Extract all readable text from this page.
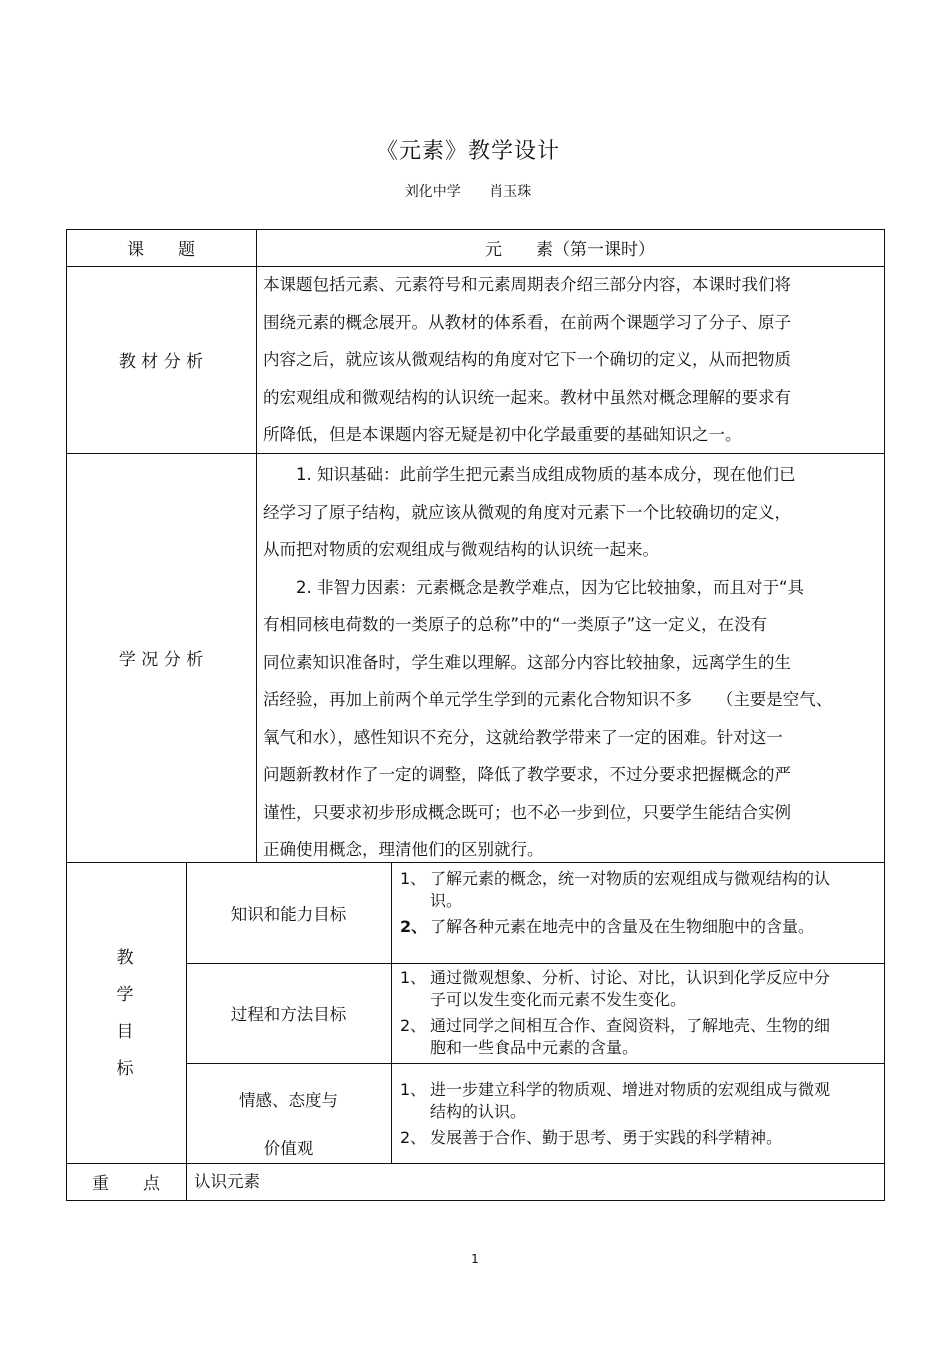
《元素》教学设计
刘化中学 肖玉珠
课　　题	元　　素（第一课时）
教 材 分 析
本课题包括元素、元素符号和元素周期表介绍三部分内容，本课时我们将
围绕元素的概念展开。从教材的体系看，在前两个课题学习了分子、原子
内容之后，就应该从微观结构的角度对它下一个确切的定义，从而把物质
的宏观组成和微观结构的认识统一起来。教材中虽然对概念理解的要求有
所降低，但是本课题内容无疑是初中化学最重要的基础知识之一。
学 况 分 析
　　1. 知识基础：此前学生把元素当成组成物质的基本成分，现在他们已
经学习了原子结构，就应该从微观的角度对元素下一个比较确切的定义，
从而把对物质的宏观组成与微观结构的认识统一起来。
　　2. 非智力因素：元素概念是教学难点，因为它比较抽象，而且对于“具
有相同核电荷数的一类原子的总称”中的“一类原子”这一定义，在没有
同位素知识准备时，学生难以理解。这部分内容比较抽象，远离学生的生
活经验，再加上前两个单元学生学到的元素化合物知识不多　　（主要是空气、
氧气和水），感性知识不充分，这就给教学带来了一定的困难。针对这一
问题新教材作了一定的调整，降低了教学要求，不过分要求把握概念的严
谨性，只要求初步形成概念既可；也不必一步到位，只要学生能结合实例
正确使用概念，理清他们的区别就行。
教
学
目
标
知识和能力目标
1、 了解元素的概念，统一对物质的宏观组成与微观结构的认识。
2、 了解各种元素在地壳中的含量及在生物细胞中的含量。
过程和方法目标
1、 通过微观想象、分析、讨论、对比，认识到化学反应中分子可以发生变化而元素不发生变化。
2、 通过同学之间相互合作、查阅资料，了解地壳、生物的细胞和一些食品中元素的含量。
情感、态度与
价值观
1、 进一步建立科学的物质观、增进对物质的宏观组成与微观结构的认识。
2、 发展善于合作、勤于思考、勇于实践的科学精神。
重　　点	认识元素
1
